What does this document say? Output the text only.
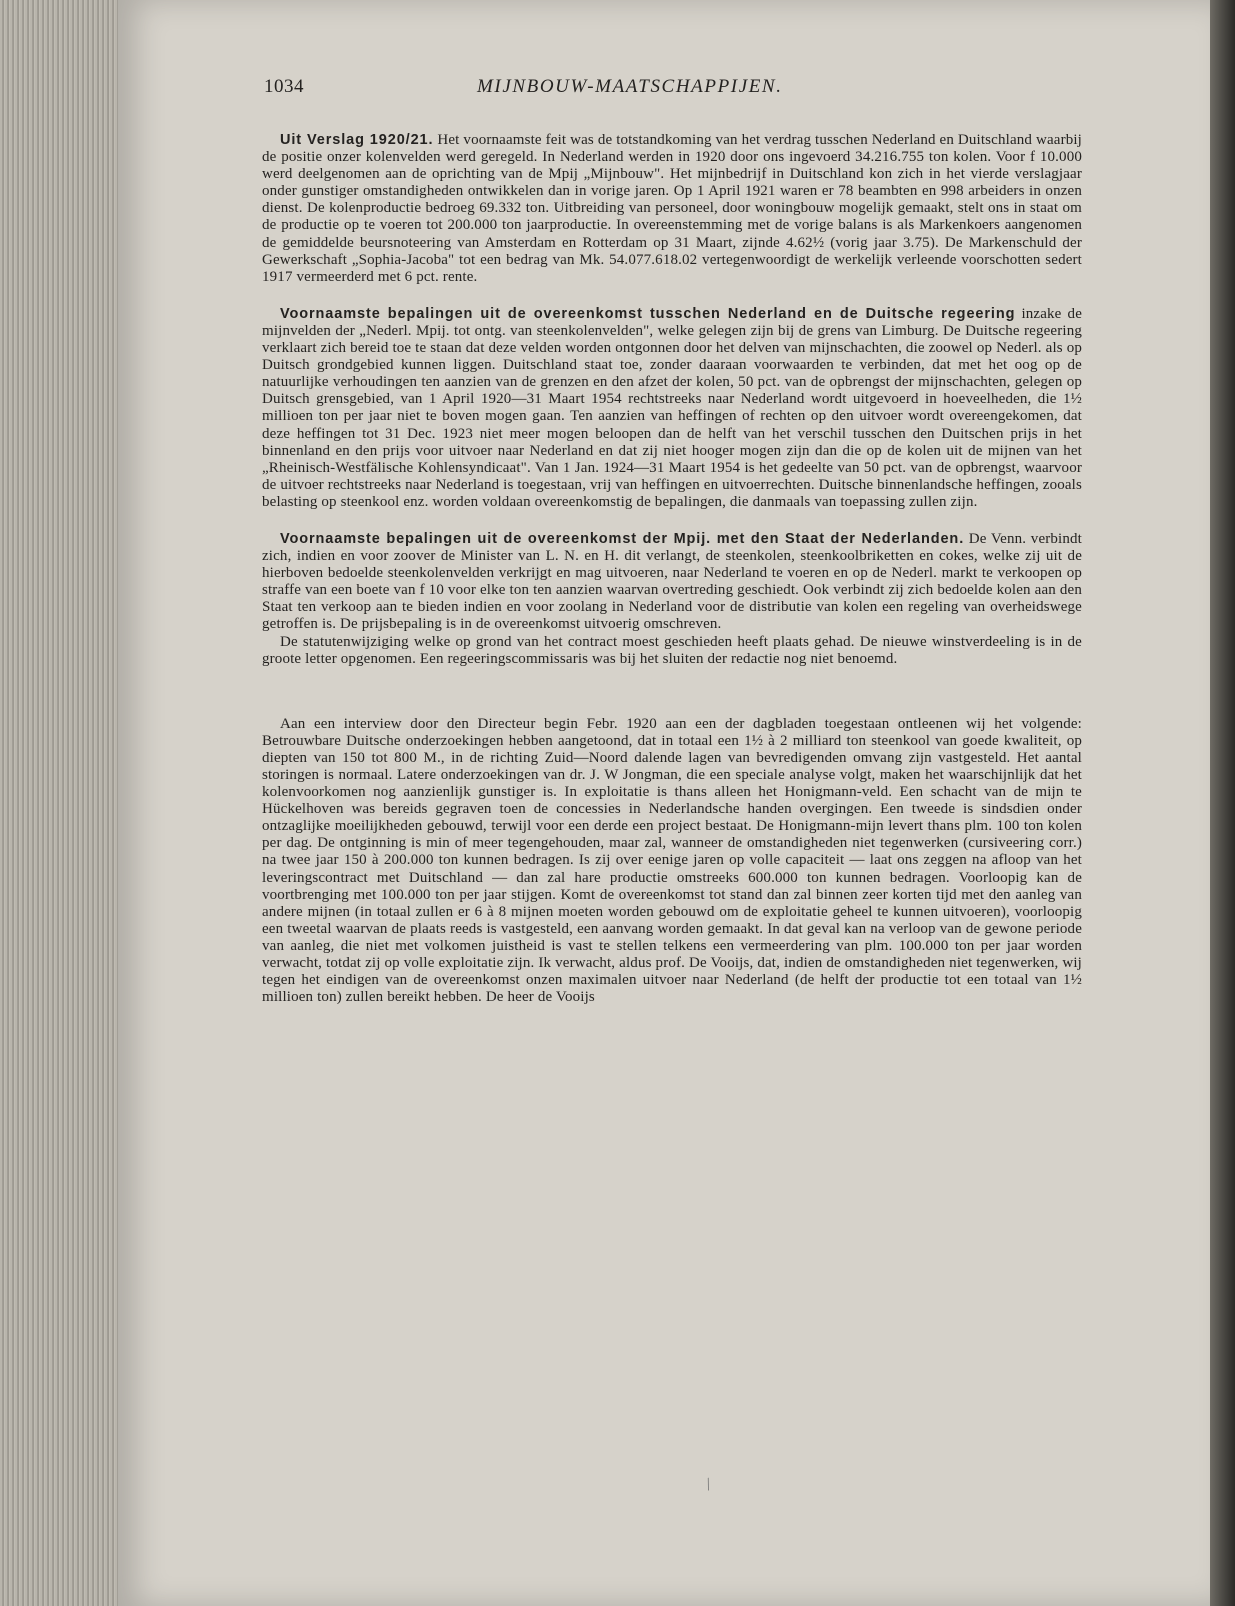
1034	MIJNBOUW-MAATSCHAPPIJEN.

Uit Verslag 1920/21. Het voornaamste feit was de totstandkoming van het verdrag tusschen Nederland en Duitschland waarbij de positie onzer kolenvelden werd geregeld. In Nederland werden in 1920 door ons ingevoerd 34.216.755 ton kolen. Voor f 10.000 werd deelgenomen aan de oprichting van de Mpij „Mijnbouw". Het mijnbedrijf in Duitschland kon zich in het vierde verslagjaar onder gunstiger omstandigheden ontwikkelen dan in vorige jaren. Op 1 April 1921 waren er 78 beambten en 998 arbeiders in onzen dienst. De kolenproductie bedroeg 69.332 ton. Uitbreiding van personeel, door woningbouw mogelijk gemaakt, stelt ons in staat om de productie op te voeren tot 200.000 ton jaarproductie. In overeenstemming met de vorige balans is als Markenkoers aangenomen de gemiddelde beursnoteering van Amsterdam en Rotterdam op 31 Maart, zijnde 4.62½ (vorig jaar 3.75). De Markenschuld der Gewerkschaft „Sophia-Jacoba" tot een bedrag van Mk. 54.077.618.02 vertegenwoordigt de werkelijk verleende voorschotten sedert 1917 vermeerderd met 6 pct. rente.

Voornaamste bepalingen uit de overeenkomst tusschen Nederland en de Duitsche regeering inzake de mijnvelden der „Nederl. Mpij. tot ontg. van steenkolenvelden", welke gelegen zijn bij de grens van Limburg. De Duitsche regeering verklaart zich bereid toe te staan dat deze velden worden ontgonnen door het delven van mijnschachten, die zoowel op Nederl. als op Duitsch grondgebied kunnen liggen. Duitschland staat toe, zonder daaraan voorwaarden te verbinden, dat met het oog op de natuurlijke verhoudingen ten aanzien van de grenzen en den afzet der kolen, 50 pct. van de opbrengst der mijnschachten, gelegen op Duitsch grensgebied, van 1 April 1920—31 Maart 1954 rechtstreeks naar Nederland wordt uitgevoerd in hoeveelheden, die 1½ millioen ton per jaar niet te boven mogen gaan. Ten aanzien van heffingen of rechten op den uitvoer wordt overeengekomen, dat deze heffingen tot 31 Dec. 1923 niet meer mogen beloopen dan de helft van het verschil tusschen den Duitschen prijs in het binnenland en den prijs voor uitvoer naar Nederland en dat zij niet hooger mogen zijn dan die op de kolen uit de mijnen van het „Rheinisch-Westfälische Kohlensyndicaat". Van 1 Jan. 1924—31 Maart 1954 is het gedeelte van 50 pct. van de opbrengst, waarvoor de uitvoer rechtstreeks naar Nederland is toegestaan, vrij van heffingen en uitvoerrechten. Duitsche binnenlandsche heffingen, zooals belasting op steenkool enz. worden voldaan overeenkomstig de bepalingen, die danmaals van toepassing zullen zijn.

Voornaamste bepalingen uit de overeenkomst der Mpij. met den Staat der Nederlanden. De Venn. verbindt zich, indien en voor zoover de Minister van L. N. en H. dit verlangt, de steenkolen, steenkoolbriketten en cokes, welke zij uit de hierboven bedoelde steenkolenvelden verkrijgt en mag uitvoeren, naar Nederland te voeren en op de Nederl. markt te verkoopen op straffe van een boete van f 10 voor elke ton ten aanzien waarvan overtreding geschiedt. Ook verbindt zij zich bedoelde kolen aan den Staat ten verkoop aan te bieden indien en voor zoolang in Nederland voor de distributie van kolen een regeling van overheidswege getroffen is. De prijsbepaling is in de overeenkomst uitvoerig omschreven.

De statutenwijziging welke op grond van het contract moest geschieden heeft plaats gehad. De nieuwe winstverdeeling is in de groote letter opgenomen. Een regeeringscommissaris was bij het sluiten der redactie nog niet benoemd.

Aan een interview door den Directeur begin Febr. 1920 aan een der dagbladen toegestaan ontleenen wij het volgende: Betrouwbare Duitsche onderzoekingen hebben aangetoond, dat in totaal een 1½ à 2 milliard ton steenkool van goede kwaliteit, op diepten van 150 tot 800 M., in de richting Zuid—Noord dalende lagen van bevredigenden omvang zijn vastgesteld. Het aantal storingen is normaal. Latere onderzoekingen van dr. J. W Jongman, die een speciale analyse volgt, maken het waarschijnlijk dat het kolenvoorkomen nog aanzienlijk gunstiger is. In exploitatie is thans alleen het Honigmann-veld. Een schacht van de mijn te Hückelhoven was bereids gegraven toen de concessies in Nederlandsche handen overgingen. Een tweede is sindsdien onder ontzaglijke moeilijkheden gebouwd, terwijl voor een derde een project bestaat. De Honigmann-mijn levert thans plm. 100 ton kolen per dag. De ontginning is min of meer tegengehouden, maar zal, wanneer de omstandigheden niet tegenwerken (cursiveering corr.) na twee jaar 150 à 200.000 ton kunnen bedragen. Is zij over eenige jaren op volle capaciteit — laat ons zeggen na afloop van het leveringscontract met Duitschland — dan zal hare productie omstreeks 600.000 ton kunnen bedragen. Voorloopig kan de voortbrenging met 100.000 ton per jaar stijgen. Komt de overeenkomst tot stand dan zal binnen zeer korten tijd met den aanleg van andere mijnen (in totaal zullen er 6 à 8 mijnen moeten worden gebouwd om de exploitatie geheel te kunnen uitvoeren), voorloopig een tweetal waarvan de plaats reeds is vastgesteld, een aanvang worden gemaakt. In dat geval kan na verloop van de gewone periode van aanleg, die niet met volkomen juistheid is vast te stellen telkens een vermeerdering van plm. 100.000 ton per jaar worden verwacht, totdat zij op volle exploitatie zijn. Ik verwacht, aldus prof. De Vooijs, dat, indien de omstandigheden niet tegenwerken, wij tegen het eindigen van de overeenkomst onzen maximalen uitvoer naar Nederland (de helft der productie tot een totaal van 1½ millioen ton) zullen bereikt hebben. De heer de Vooijs

/
